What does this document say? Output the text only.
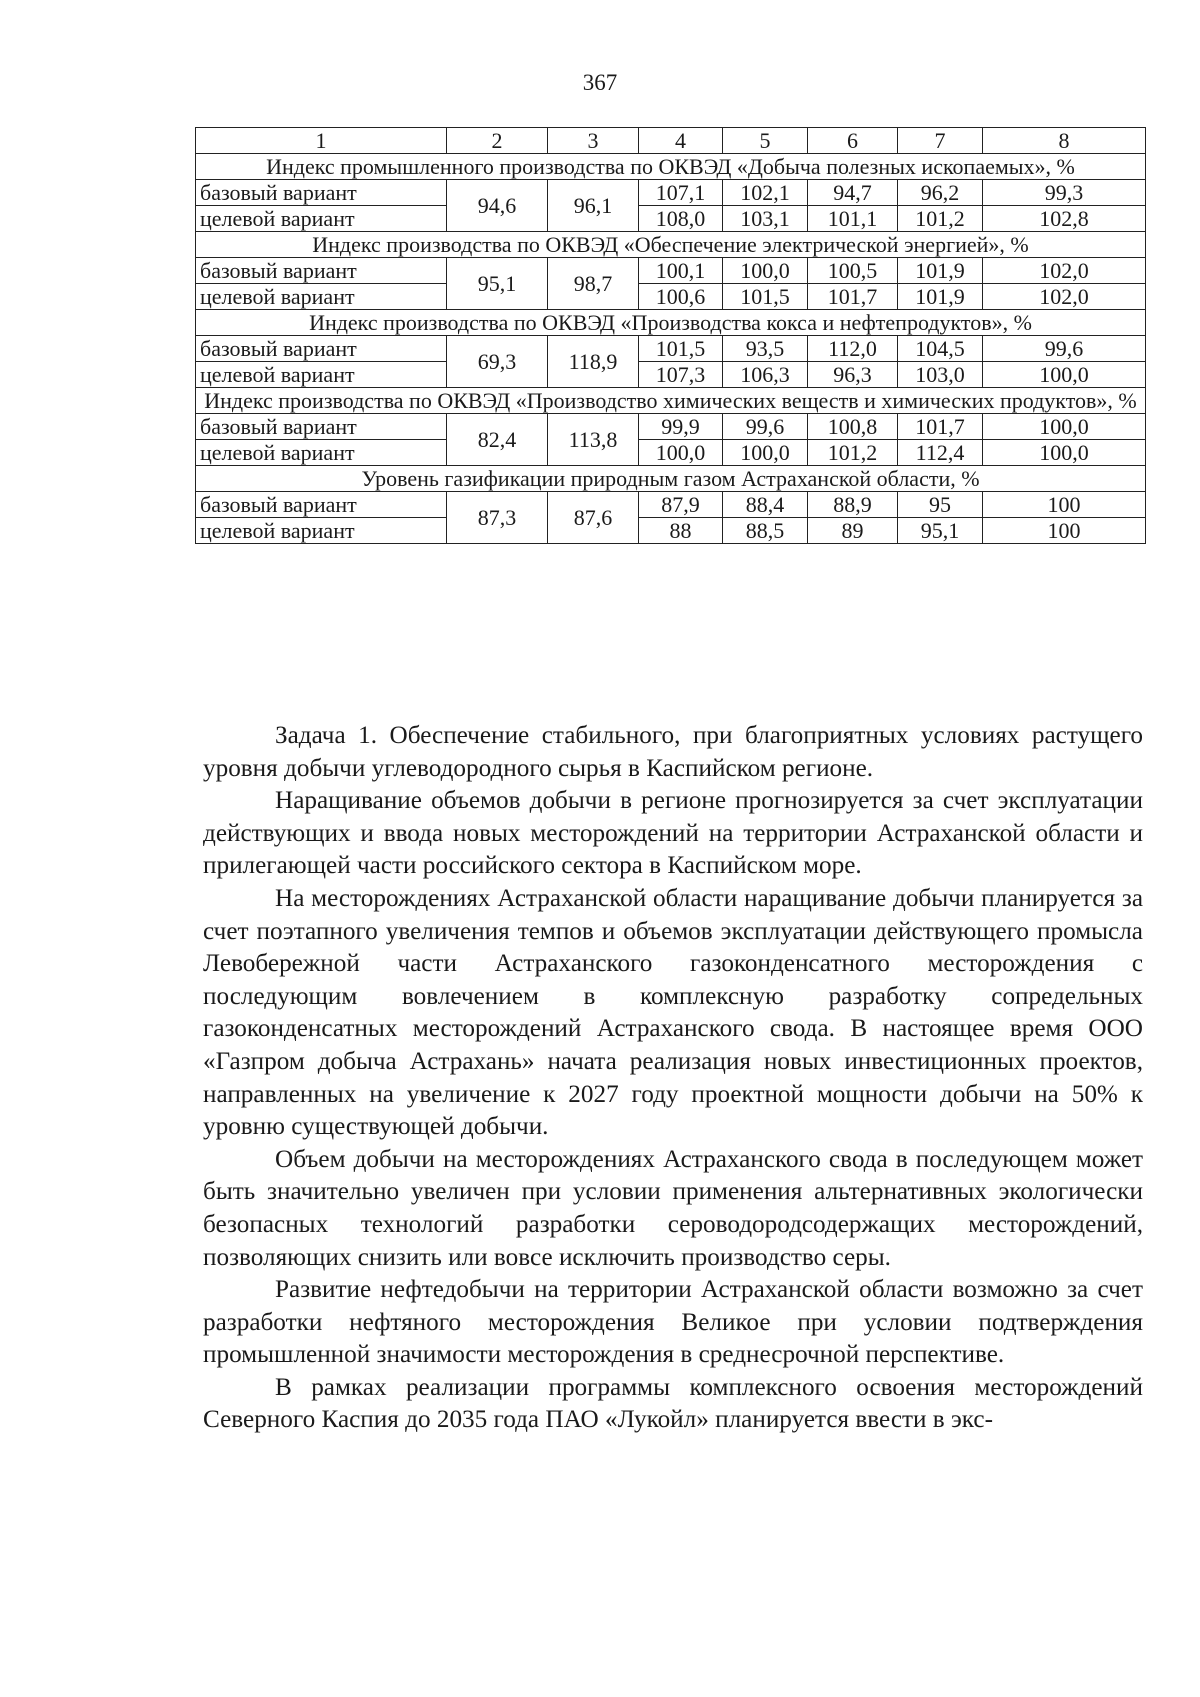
367
1	2	3	4	5	6	7	8
Индекс промышленного производства по ОКВЭД «Добыча полезных ископаемых», %							
базовый вариант	94,6	96,1	107,1	102,1	94,7	96,2	99,3
целевой вариант			108,0	103,1	101,1	101,2	102,8
Индекс производства по ОКВЭД «Обеспечение электрической энергией», %							
базовый вариант	95,1	98,7	100,1	100,0	100,5	101,9	102,0
целевой вариант			100,6	101,5	101,7	101,9	102,0
Индекс производства по ОКВЭД «Производства кокса и нефтепродуктов», %							
базовый вариант	69,3	118,9	101,5	93,5	112,0	104,5	99,6
целевой вариант			107,3	106,3	96,3	103,0	100,0
Индекс производства по ОКВЭД «Производство химических веществ и химических продуктов», %							
базовый вариант	82,4	113,8	99,9	99,6	100,8	101,7	100,0
целевой вариант			100,0	100,0	101,2	112,4	100,0
Уровень газификации природным газом Астраханской области, %							
базовый вариант	87,3	87,6	87,9	88,4	88,9	95	100
целевой вариант			88	88,5	89	95,1	100

Задача 1. Обеспечение стабильного, при благоприятных условиях растущего уровня добычи углеводородного сырья в Каспийском регионе.

Наращивание объемов добычи в регионе прогнозируется за счет эксплуатации действующих и ввода новых месторождений на территории Астраханской области и прилегающей части российского сектора в Каспийском море.

На месторождениях Астраханской области наращивание добычи планируется за счет поэтапного увеличения темпов и объемов эксплуатации действующего промысла Левобережной части Астраханского газоконденсатного месторождения с последующим вовлечением в комплексную разработку сопредельных газоконденсатных месторождений Астраханского свода. В настоящее время ООО «Газпром добыча Астрахань» начата реализация новых инвестиционных проектов, направленных на увеличение к 2027 году проектной мощности добычи на 50% к уровню существующей добычи.

Объем добычи на месторождениях Астраханского свода в последующем может быть значительно увеличен при условии применения альтернативных экологически безопасных технологий разработки сероводородсодержащих месторождений, позволяющих снизить или вовсе исключить производство серы.

Развитие нефтедобычи на территории Астраханской области возможно за счет разработки нефтяного месторождения Великое при условии подтверждения промышленной значимости месторождения в среднесрочной перспективе.

В рамках реализации программы комплексного освоения месторождений Северного Каспия до 2035 года ПАО «Лукойл» планируется ввести в экс-
